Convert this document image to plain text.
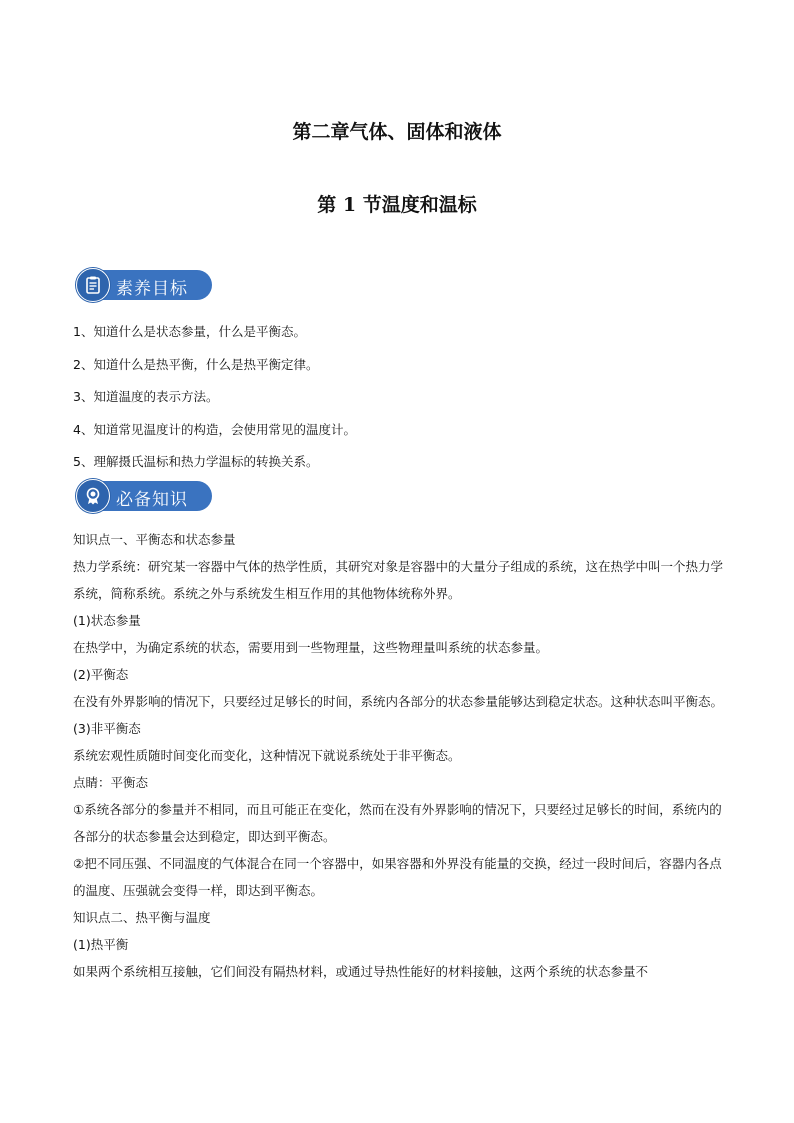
第二章气体、固体和液体
第 1 节温度和温标
素养目标
1、知道什么是状态参量，什么是平衡态。
2、知道什么是热平衡，什么是热平衡定律。
3、知道温度的表示方法。
4、知道常见温度计的构造，会使用常见的温度计。
5、理解摄氏温标和热力学温标的转换关系。
必备知识

知识点一、平衡态和状态参量

热力学系统：研究某一容器中气体的热学性质，其研究对象是容器中的大量分子组成的系统，这在热学中叫一个热力学系统，简称系统。系统之外与系统发生相互作用的其他物体统称外界。

(1)状态参量

在热学中，为确定系统的状态，需要用到一些物理量，这些物理量叫系统的状态参量。

(2)平衡态

在没有外界影响的情况下，只要经过足够长的时间，系统内各部分的状态参量能够达到稳定状态。这种状态叫平衡态。

(3)非平衡态

系统宏观性质随时间变化而变化，这种情况下就说系统处于非平衡态。

点睛：平衡态

①系统各部分的参量并不相同，而且可能正在变化，然而在没有外界影响的情况下，只要经过足够长的时间，系统内的各部分的状态参量会达到稳定，即达到平衡态。

②把不同压强、不同温度的气体混合在同一个容器中，如果容器和外界没有能量的交换，经过一段时间后，容器内各点的温度、压强就会变得一样，即达到平衡态。

知识点二、热平衡与温度

(1)热平衡

如果两个系统相互接触，它们间没有隔热材料，或通过导热性能好的材料接触，这两个系统的状态参量不
